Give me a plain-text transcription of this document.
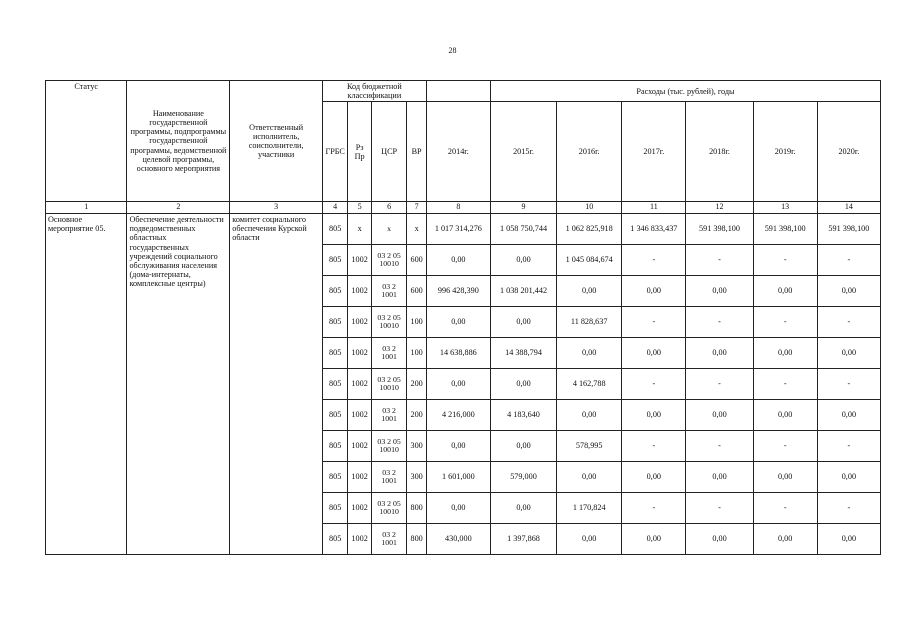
28
Статус	Наименование государственной программы, подпрограммы государственной программы, ведомственной целевой программы, основного мероприятия	Ответственный исполнитель, соисполнители, участники	Код бюджетной классификации					Расходы (тыс. рублей), годы					
			ГРБС	Рз Пр	ЦСР	ВР	2014г.	2015г.	2016г.	2017г.	2018г.	2019г.	2020г.
1	2	3	4	5	6	7	8	9	10	11	12	13	14
Основное мероприятие 05.	Обеспечение деятельности подведомственных областных государственных учреждений социального обслуживания населения (дома-интернаты, комплексные центры)	комитет социального обеспечения Курской области	805	х	х	х	1 017 314,276	1 058 750,744	1 062 825,918	1 346 833,437	591 398,100	591 398,100	591 398,100
			805	1002	03 2 05 10010	600	0,00	0,00	1 045 084,674	-	-	-	-
			805	1002	03 2 1001	600	996 428,390	1 038 201,442	0,00	0,00	0,00	0,00	0,00
			805	1002	03 2 05 10010	100	0,00	0,00	11 828,637	-	-	-	-
			805	1002	03 2 1001	100	14 638,886	14 388,794	0,00	0,00	0,00	0,00	0,00
			805	1002	03 2 05 10010	200	0,00	0,00	4 162,788	-	-	-	-
			805	1002	03 2 1001	200	4 216,000	4 183,640	0,00	0,00	0,00	0,00	0,00
			805	1002	03 2 05 10010	300	0,00	0,00	578,995	-	-	-	-
			805	1002	03 2 1001	300	1 601,000	579,000	0,00	0,00	0,00	0,00	0,00
			805	1002	03 2 05 10010	800	0,00	0,00	1 170,824	-	-	-	-
			805	1002	03 2 1001	800	430,000	1 397,868	0,00	0,00	0,00	0,00	0,00
